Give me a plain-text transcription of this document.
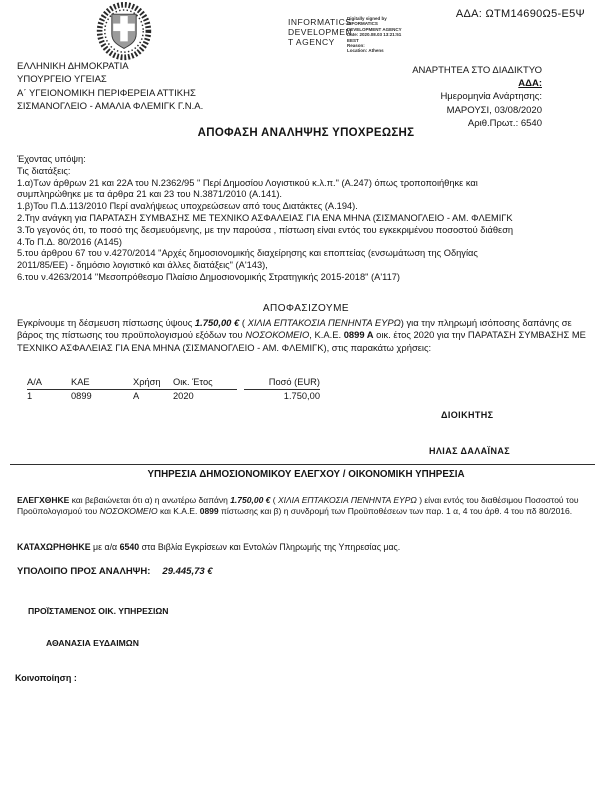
ΑΔΑ: ΩΤΜ14690Ω5-Ε5Ψ
INFORMATICS
DEVELOPMEN
T AGENCY
Digitally signed by
INFORMATICS
DEVELOPMENT AGENCY
Date: 2020.08.03 13:21:51
EEST
Reason:
Location: Athens
ΕΛΛΗΝΙΚΗ ΔΗΜΟΚΡΑΤΙΑ
ΥΠΟΥΡΓΕΙΟ ΥΓΕΙΑΣ
Α΄ ΥΓΕΙΟΝΟΜΙΚΗ ΠΕΡΙΦΕΡΕΙΑ ΑΤΤΙΚΗΣ
ΣΙΣΜΑΝΟΓΛΕΙΟ - ΑΜΑΛΙΑ ΦΛΕΜΙΓΚ Γ.Ν.Α.
ΑΝΑΡΤΗΤΕΑ ΣΤΟ ΔΙΑΔΙΚΤΥΟ
ΑΔΑ:
Ημερομηνία Ανάρτησης:
ΜΑΡΟΥΣΙ, 03/08/2020
Αριθ.Πρωτ.: 6540
ΑΠΟΦΑΣΗ ΑΝΑΛΗΨΗΣ ΥΠΟΧΡΕΩΣΗΣ
Έχοντας υπόψη:
Τις διατάξεις:
1.α)Των άρθρων 21 και 22Α του Ν.2362/95 " Περί Δημοσίου Λογιστικού κ.λ.π." (Α.247) όπως τροποποιήθηκε και
συμπληρώθηκε με τα άρθρα 21 και 23 του Ν.3871/2010 (Α.141).
1.β)Του Π.Δ.113/2010 Περί αναλήψεως υποχρεώσεων από τους Διατάκτες (Α.194).
2.Την ανάγκη για ΠΑΡΑΤΑΣΗ ΣΥΜΒΑΣΗΣ ΜΕ ΤΕΧΝΙΚΟ ΑΣΦΑΛΕΙΑΣ ΓΙΑ ΕΝΑ ΜΗΝΑ (ΣΙΣΜΑΝΟΓΛΕΙΟ - ΑΜ. ΦΛΕΜΙΓΚ
3.Το γεγονός ότι, το ποσό της δεσμευόμενης, με την παρούσα , πίστωση είναι εντός του εγκεκριμένου ποσοστού διάθεση
4.Το Π.Δ. 80/2016 (Α145)
5.του άρθρου 67 του ν.4270/2014 "Αρχές δημοσιονομικής διαχείρησης και εποπτείας (ενσωμάτωση της Οδηγίας
2011/85/ΕΕ) - δημόσιο λογιστικό και άλλες διατάξεις" (Α'143),
6.του ν.4263/2014 "Μεσοπρόθεσμο Πλαίσιο Δημοσιονομικής Στρατηγικής 2015-2018" (Α'117)
ΑΠΟΦΑΣΙΖΟΥΜΕ
Εγκρίνουμε τη δέσμευση πίστωσης ύψους 1.750,00 € ( ΧΙΛΙΑ ΕΠΤΑΚΟΣΙΑ ΠΕΝΗΝΤΑ ΕΥΡΩ) για την πληρωμή ισόποσης δαπάνης σε βάρος της πίστωσης του προϋπολογισμού εξόδων του ΝΟΣΟΚΟΜΕΙΟ, Κ.Α.Ε. 0899 Α οικ. έτος 2020 για την ΠΑΡΑΤΑΣΗ ΣΥΜΒΑΣΗΣ ΜΕ ΤΕΧΝΙΚΟ ΑΣΦΑΛΕΙΑΣ ΓΙΑ ΕΝΑ ΜΗΝΑ (ΣΙΣΜΑΝΟΓΛΕΙΟ - ΑΜ. ΦΛΕΜΙΓΚ), στις παρακάτω χρήσεις:
Α/Α	ΚΑΕ	Χρήση	Οικ. Έτος	Ποσό (EUR)
1	0899	Α	2020	1.750,00
ΔΙΟΙΚΗΤΗΣ
ΗΛΙΑΣ ΔΑΛΑΪΝΑΣ
ΥΠΗΡΕΣΙΑ ΔΗΜΟΣΙΟΝΟΜΙΚΟΥ ΕΛΕΓΧΟΥ / ΟΙΚΟΝΟΜΙΚΗ ΥΠΗΡΕΣΙΑ
ΕΛΕΓΧΘΗΚΕ και βεβαιώνεται ότι α) η ανωτέρω δαπάνη 1.750,00 € ( ΧΙΛΙΑ ΕΠΤΑΚΟΣΙΑ ΠΕΝΗΝΤΑ ΕΥΡΩ ) είναι εντός του διαθέσιμου Ποσοστού του Προϋπολογισμού του ΝΟΣΟΚΟΜΕΙΟ και Κ.Α.Ε. 0899 πίστωσης και β) η συνδρομή των Προϋποθέσεων των παρ. 1 α, 4 του άρθ. 4 του πδ 80/2016.
ΚΑΤΑΧΩΡΗΘΗΚΕ με α/α 6540 στα Βιβλία Εγκρίσεων και Εντολών Πληρωμής της Υπηρεσίας μας.
ΥΠΟΛΟΙΠΟ ΠΡΟΣ ΑΝΑΛΗΨΗ: 29.445,73 €
ΠΡΟΪΣΤΑΜΕΝΟΣ ΟΙΚ. ΥΠΗΡΕΣΙΩΝ
ΑΘΑΝΑΣΙΑ ΕΥΔΑΙΜΩΝ
Κοινοποίηση :
